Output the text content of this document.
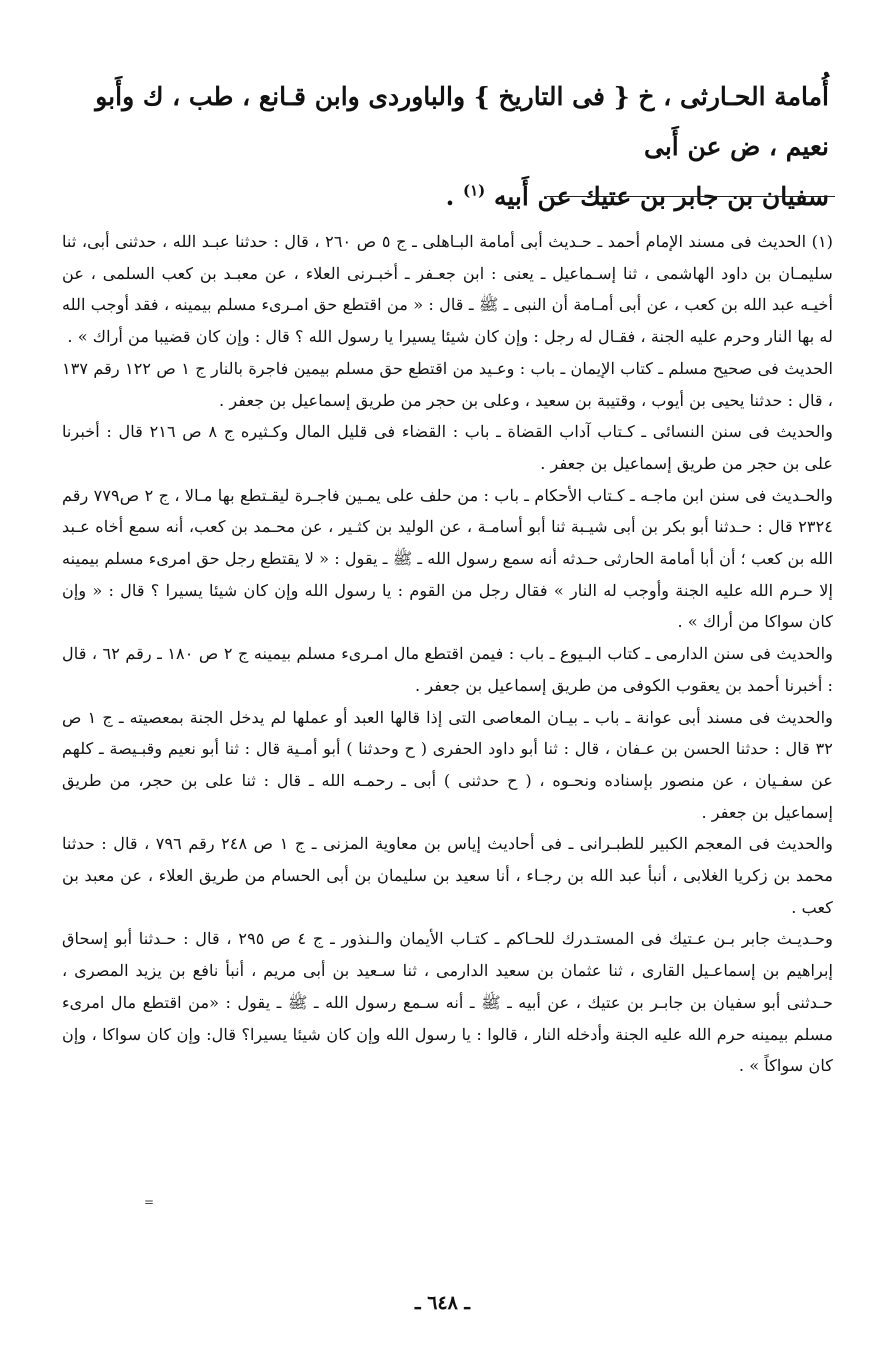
أُمامة الحـارثى ، خ { فى التاريخ } والباوردى وابن قـانع ، طب ، ك وأَبو نعيم ، ض عن أَبى
سفيان بن جابر بن عتيك عن أَبيه $^{(١)}$ .

(١) الحديث فى مسند الإمام أحمد ـ حـديث أبى أمامة البـاهلى ـ ج ٥ ص ٢٦٠ ، قال : حدثنا عبـد الله ، حدثنى أبى، ثنا سليمـان بن داود الهاشمى ، ثنا إسـماعيل ـ يعنى : ابن جعـفر ـ أخبـرنى العلاء ، عن معبـد بن كعب السلمى ، عن أخيـه عبد الله بن كعب ، عن أبى أمـامة أن النبى ـ ﷺ ـ قال : « من اقتطع حق امـرىء مسلم بيمينه ، فقد أوجب الله له بها النار وحرم عليه الجنة ، فقـال له رجل : وإن كان شيئا يسيرا يا رسول الله ؟ قال : وإن كان قضيبا من أراك » .

الحديث فى صحيح مسلم ـ كتاب الإيمان ـ باب : وعـيد من اقتطع حق مسلم بيمين فاجرة بالنار ج ١ ص ١٢٢ رقم ١٣٧ ، قال : حدثنا يحيى بن أيوب ، وقتيبة بن سعيد ، وعلى بن حجر من طريق إسماعيل بن جعفر .

والحديث فى سنن النسائى ـ كـتاب آداب القضاة ـ باب : القضاء فى قليل المال وكـثيره ج ٨ ص ٢١٦ قال : أخبرنا على بن حجر من طريق إسماعيل بن جعفر .

والحـديث فى سنن ابن ماجـه ـ كـتاب الأحكام ـ باب : من حلف على يمـين فاجـرة ليقـتطع بها مـالا ، ج ٢ ص٧٧٩ رقم ٢٣٢٤ قال : حـدثنا أبو بكر بن أبى شيـبة ثنا أبو أسامـة ، عن الوليد بن كثـير ، عن محـمد بن كعب، أنه سمع أخاه عـبد الله بن كعب ؛ أن أبا أمامة الحارثى حـدثه أنه سمع رسول الله ـ ﷺ ـ يقول : « لا يقتطع رجل حق امرىء مسلم بيمينه إلا حـرم الله عليه الجنة وأوجب له النار » فقال رجل من القوم : يا رسول الله وإن كان شيئا يسيرا ؟ قال : « وإن كان سواكا من أراك » .

والحديث فى سنن الدارمى ـ كتاب البـيوع ـ باب : فيمن اقتطع مال امـرىء مسلم بيمينه ج ٢ ص ١٨٠ ـ رقم ٦٢ ، قال : أخبرنا أحمد بن يعقوب الكوفى من طريق إسماعيل بن جعفر .

والحديث فى مسند أبى عوانة ـ باب ـ بيـان المعاصى التى إذا قالها العبد أو عملها لم يدخل الجنة بمعصيته ـ ج ١ ص ٣٢ قال : حدثنا الحسن بن عـفان ، قال : ثنا أبو داود الحفرى ( ح وحدثنا ) أبو أمـية قال : ثنا أبو نعيم وقبـيصة ـ كلهم عن سفـيان ، عن منصور بإسناده ونحـوه ، ( ح حدثنى ) أبى ـ رحمـه الله ـ قال : ثنا على بن حجر، من طريق إسماعيل بن جعفر .

والحديث فى المعجم الكبير للطبـرانى ـ فى أحاديث إياس بن معاوية المزنى ـ ج ١ ص ٢٤٨ رقم ٧٩٦ ، قال : حدثنا محمد بن زكريا الغلابى ، أنبأ عبد الله بن رجـاء ، أنا سعيد بن سليمان بن أبى الحسام من طريق العلاء ، عن معبد بن كعب .

وحـديـث جابر بـن عـتيك فى المستـدرك للحـاكم ـ كتـاب الأيمان والـنذور ـ ج ٤ ص ٢٩٥ ، قال : حـدثنا أبو إسحاق إبراهيم بن إسماعـيل القارى ، ثنا عثمان بن سعيد الدارمى ، ثنا سـعيد بن أبى مريم ، أنبأ نافع بن يزيد المصرى ، حـدثنى أبو سفيان بن جابـر بن عتيك ، عن أبيه ـ ﷺ ـ أنه سـمع رسول الله ـ ﷺ ـ يقول : «من اقتطع مال امرىء مسلم بيمينه حرم الله عليه الجنة وأدخله النار ، قالوا : يا رسول الله وإن كان شيئا يسيرا؟ قال: وإن كان سواكا ، وإن كان سواكاً » .

=
ـ ٦٤٨ ـ
